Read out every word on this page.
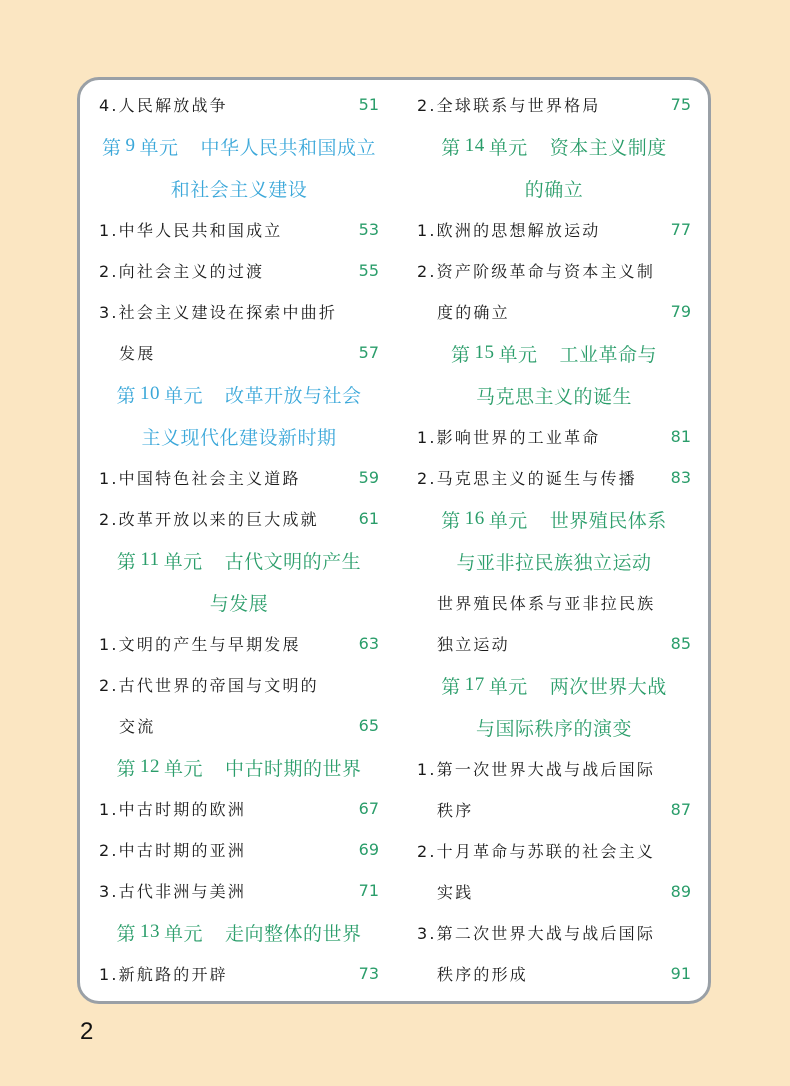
4.人民解放战争	51
第 9 单元 中华人民共和国成立
和社会主义建设
1.中华人民共和国成立	53
2.向社会主义的过渡	55
3.社会主义建设在探索中曲折
发展	57
第 10 单元 改革开放与社会
主义现代化建设新时期
1.中国特色社会主义道路	59
2.改革开放以来的巨大成就 61
第 11 单元 古代文明的产生
与发展
1.文明的产生与早期发展	63
2.古代世界的帝国与文明的
交流	65
第 12 单元 中古时期的世界
1.中古时期的欧洲	67
2.中古时期的亚洲	69
3.古代非洲与美洲	71
第 13 单元 走向整体的世界
1.新航路的开辟	73
2.全球联系与世界格局	75
第 14 单元 资本主义制度
的确立
1.欧洲的思想解放运动	77
2.资产阶级革命与资本主义制
度的确立	79
第 15 单元 工业革命与
马克思主义的诞生
1.影响世界的工业革命	81
2.马克思主义的诞生与传播 83
第 16 单元 世界殖民体系
与亚非拉民族独立运动
世界殖民体系与亚非拉民族
独立运动	85
第 17 单元 两次世界大战
与国际秩序的演变
1.第一次世界大战与战后国际
秩序	87
2.十月革命与苏联的社会主义
实践	89
3.第二次世界大战与战后国际
秩序的形成	91
2
